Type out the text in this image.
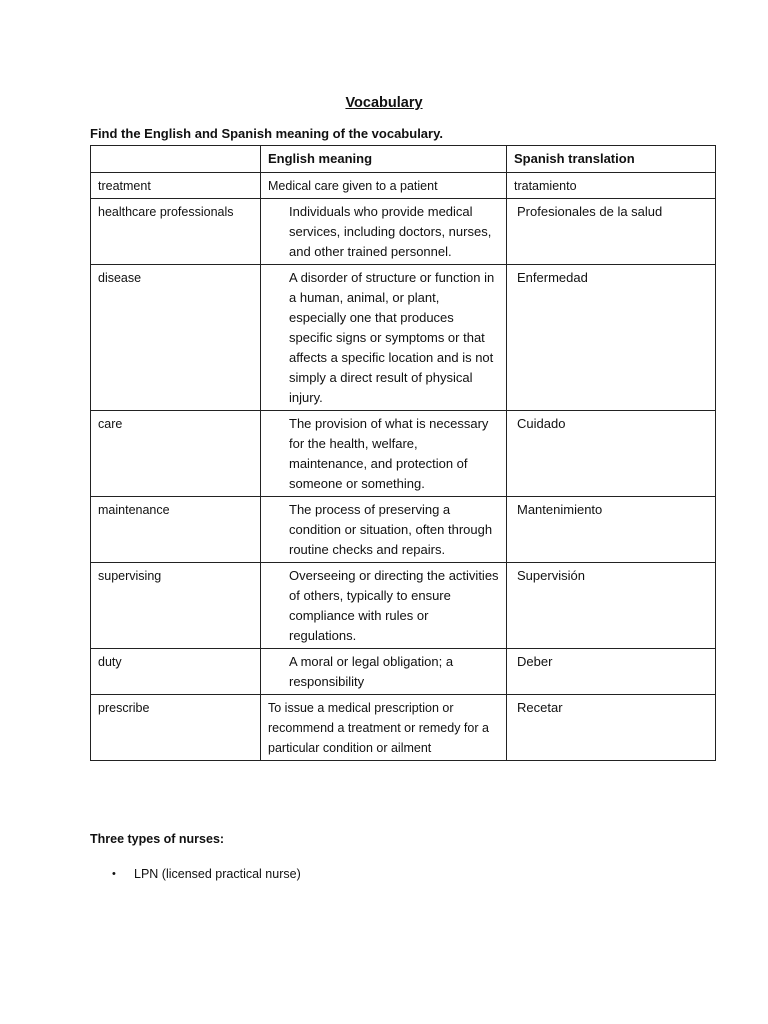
Vocabulary
Find the English and Spanish meaning of the vocabulary.
	English meaning	Spanish translation
treatment	Medical care given to a patient	tratamiento
healthcare professionals	Individuals who provide medical services, including doctors, nurses, and other trained personnel.	Profesionales de la salud
disease	A disorder of structure or function in a human, animal, or plant, especially one that produces specific signs or symptoms or that affects a specific location and is not simply a direct result of physical injury.	Enfermedad
care	The provision of what is necessary for the health, welfare, maintenance, and protection of someone or something.	Cuidado
maintenance	The process of preserving a condition or situation, often through routine checks and repairs.	Mantenimiento
supervising	Overseeing or directing the activities of others, typically to ensure compliance with rules or regulations.	Supervisión
duty	A moral or legal obligation; a responsibility	Deber
prescribe	To issue a medical prescription or recommend a treatment or remedy for a particular condition or ailment	Recetar
Three types of nurses:
• LPN (licensed practical nurse)
